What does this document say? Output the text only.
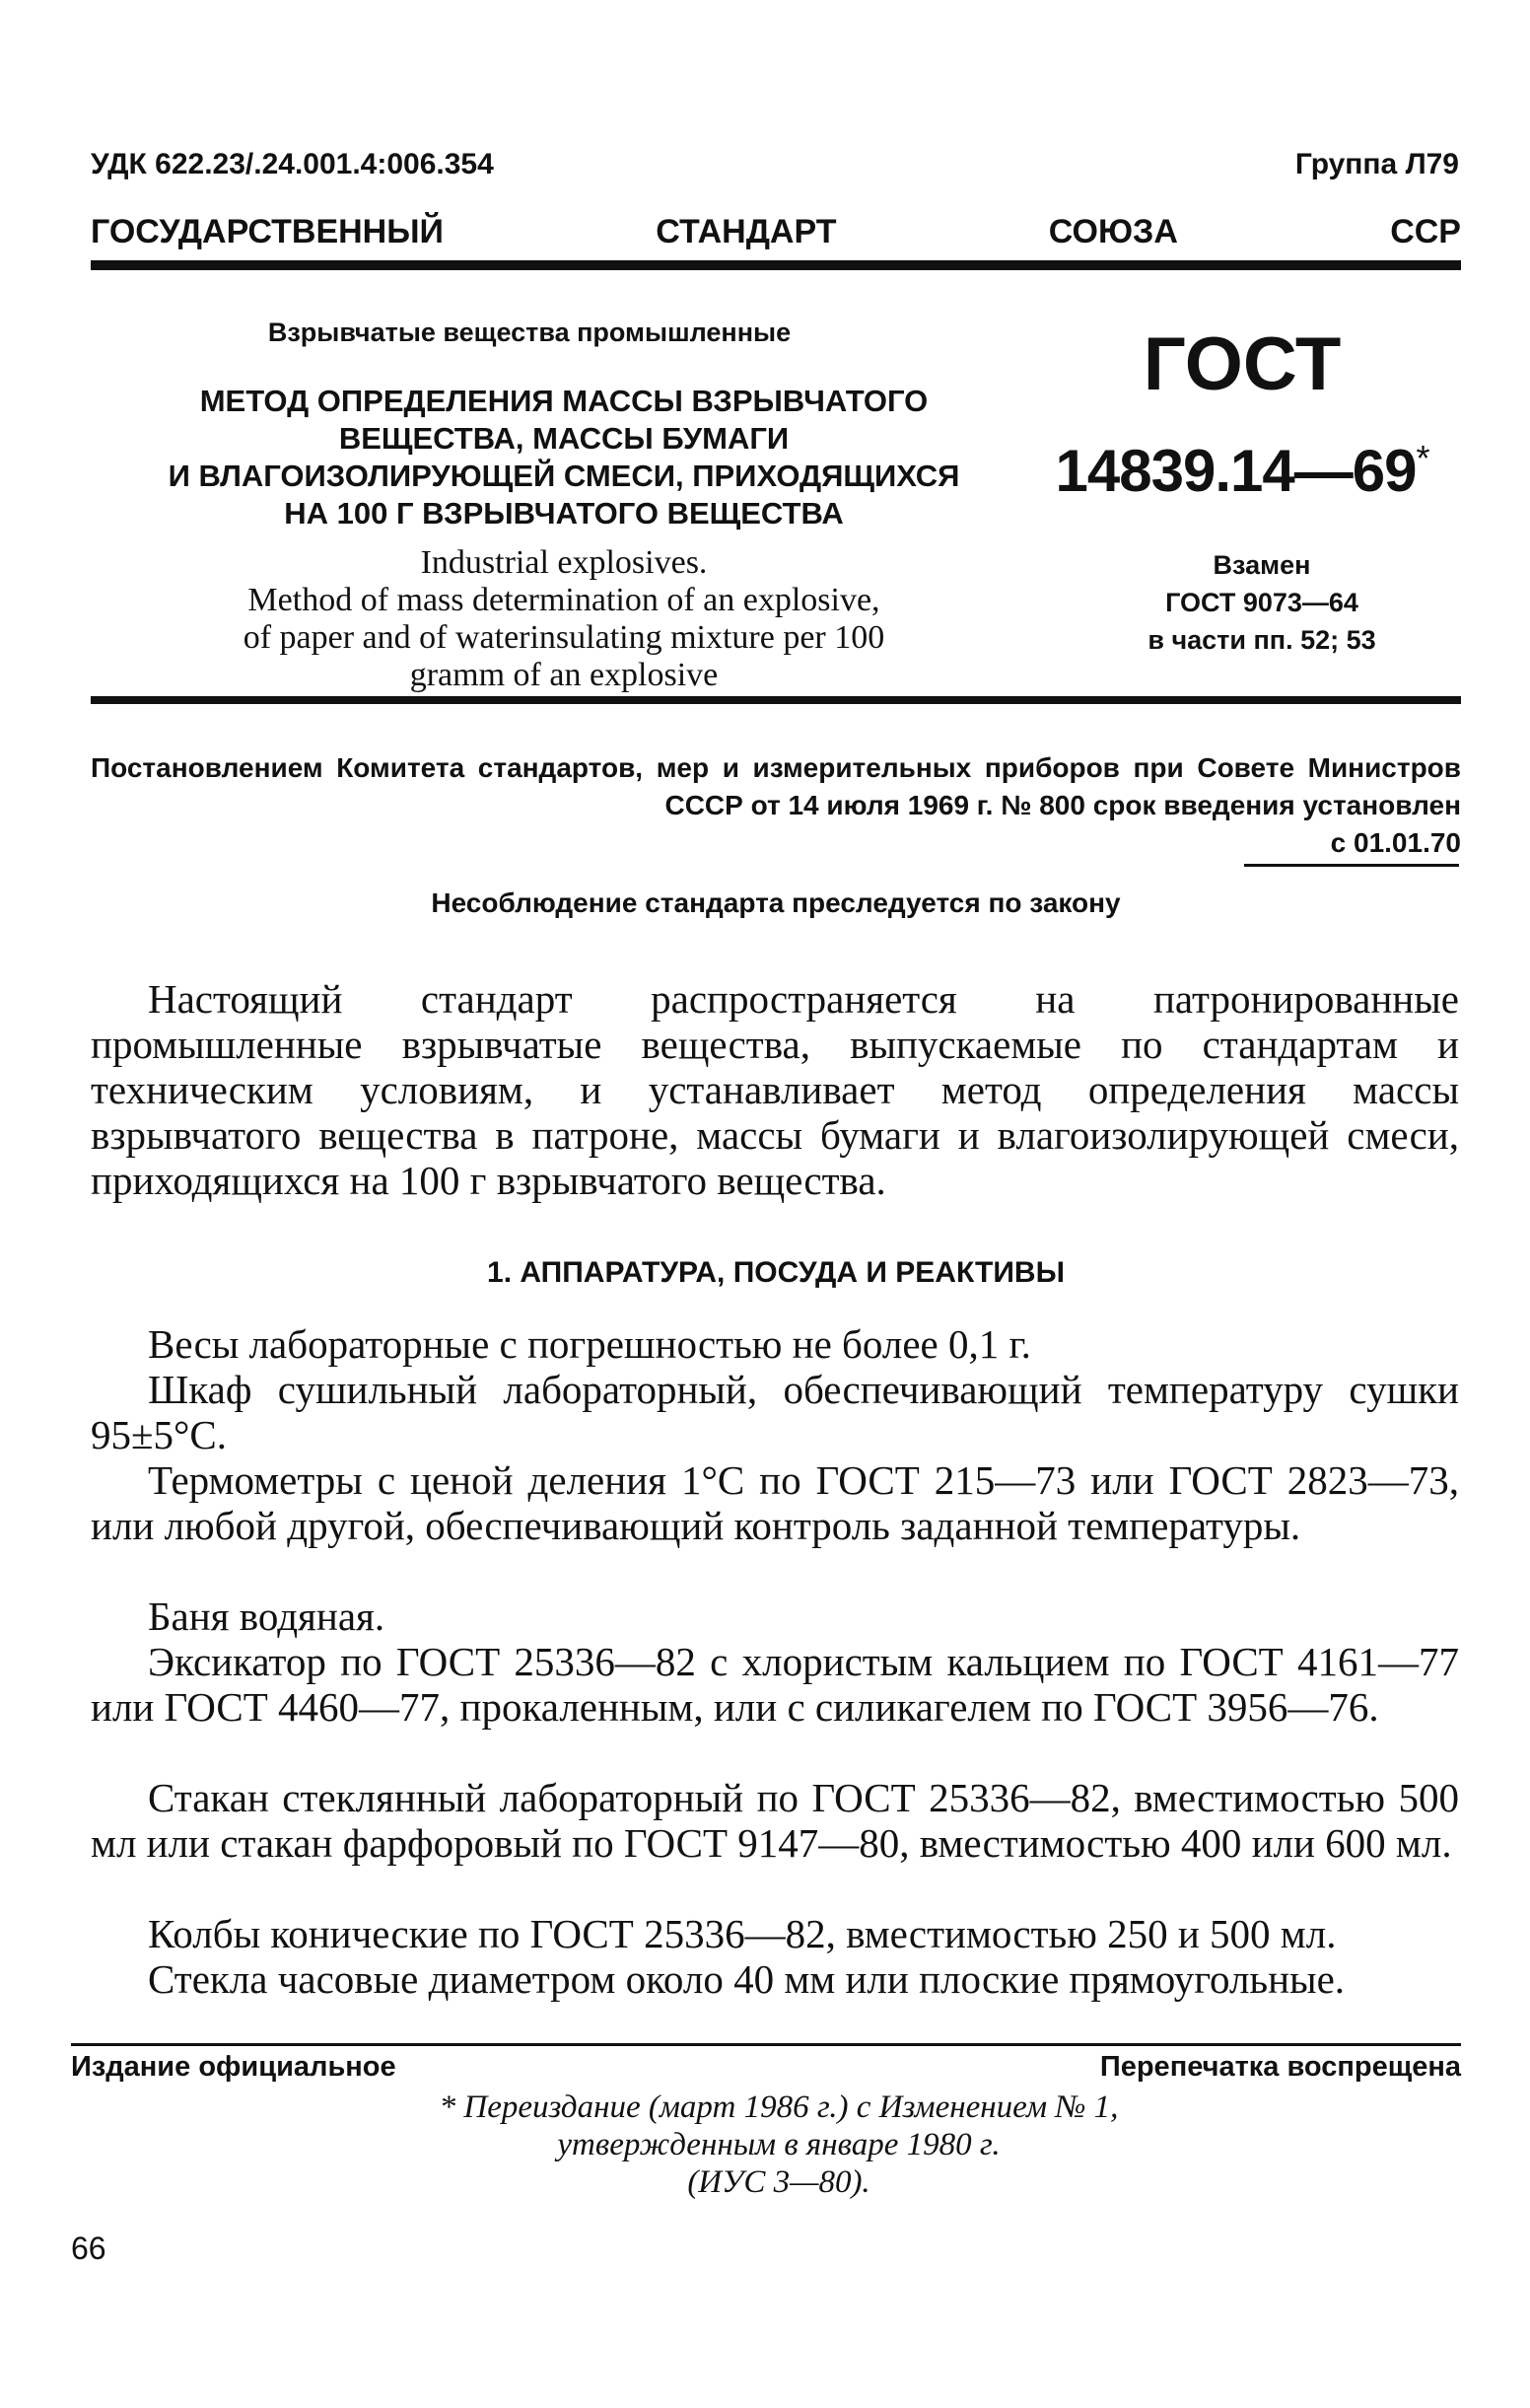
УДК 622.23/.24.001.4:006.354	Группа Л79
ГОСУДАРСТВЕННЫЙ	СТАНДАРТ	СОЮЗА	ССР
Взрывчатые вещества промышленные
МЕТОД ОПРЕДЕЛЕНИЯ МАССЫ ВЗРЫВЧАТОГО
ВЕЩЕСТВА, МАССЫ БУМАГИ
И ВЛАГОИЗОЛИРУЮЩЕЙ СМЕСИ, ПРИХОДЯЩИХСЯ
НА 100 Г ВЗРЫВЧАТОГО ВЕЩЕСТВА
Industrial explosives.
Method of mass determination of an explosive,
of paper and of waterinsulating mixture per 100
gramm of an explosive
ГОСТ
14839.14—69*
Взамен
ГОСТ 9073—64
в части пп. 52; 53
Постановлением Комитета стандартов, мер и измерительных приборов при Совете Министров СССР от 14 июля 1969 г. № 800 срок введения установлен
с 01.01.70
Несоблюдение стандарта преследуется по закону
Настоящий стандарт распространяется на патронированные промышленные взрывчатые вещества, выпускаемые по стандартам и техническим условиям, и устанавливает метод определения массы взрывчатого вещества в патроне, массы бумаги и влагоизолирующей смеси, приходящихся на 100 г взрывчатого вещества.
1. АППАРАТУРА, ПОСУДА И РЕАКТИВЫ
Весы лабораторные с погрешностью не более 0,1 г.
Шкаф сушильный лабораторный, обеспечивающий температуру сушки 95±5°С.
Термометры с ценой деления 1°С по ГОСТ 215—73 или ГОСТ 2823—73, или любой другой, обеспечивающий контроль заданной температуры.
Баня водяная.
Эксикатор по ГОСТ 25336—82 с хлористым кальцием по ГОСТ 4161—77 или ГОСТ 4460—77, прокаленным, или с силикагелем по ГОСТ 3956—76.
Стакан стеклянный лабораторный по ГОСТ 25336—82, вместимостью 500 мл или стакан фарфоровый по ГОСТ 9147—80, вместимостью 400 или 600 мл.
Колбы конические по ГОСТ 25336—82, вместимостью 250 и 500 мл.
Стекла часовые диаметром около 40 мм или плоские прямоугольные.
Издание официальное	Перепечатка воспрещена
* Переиздание (март 1986 г.) с Изменением № 1,
утвержденным в январе 1980 г.
(ИУС 3—80).
66
